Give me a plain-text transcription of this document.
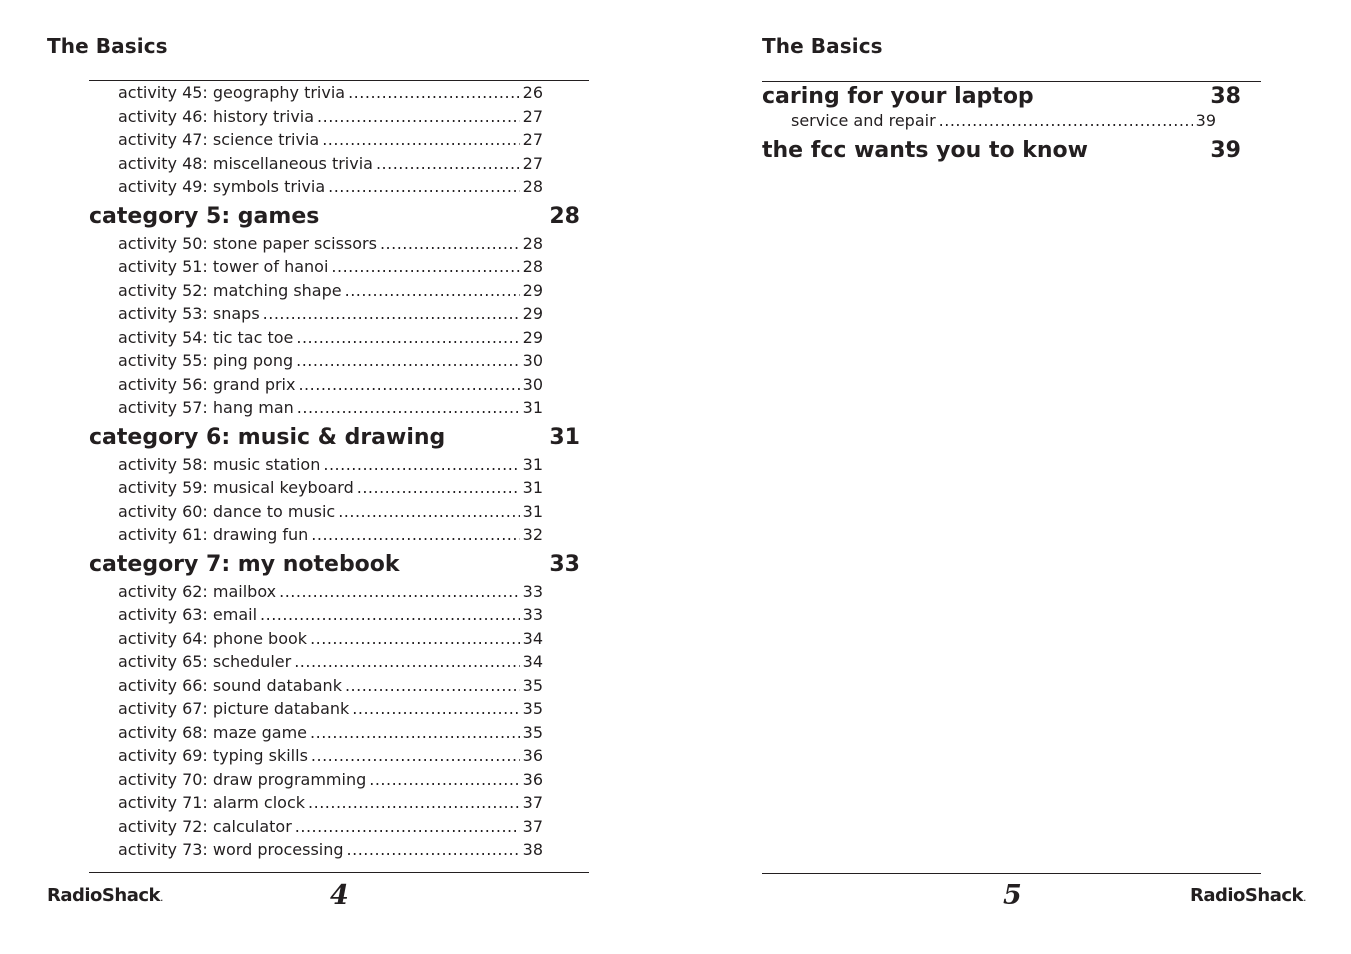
The Basics
activity 45: geography trivia .....	26
activity 46: history trivia .....	27
activity 47: science trivia .....	27
activity 48: miscellaneous trivia .....	27
activity 49: symbols trivia .....	28
category 5: games	28
activity 50: stone paper scissors .....	28
activity 51: tower of hanoi .....	28
activity 52: matching shape .....	29
activity 53: snaps .....	29
activity 54: tic tac toe .....	29
activity 55: ping pong .....	30
activity 56: grand prix .....	30
activity 57: hang man .....	31
category 6: music & drawing	31
activity 58: music station .....	31
activity 59: musical keyboard .....	31
activity 60: dance to music .....	31
activity 61: drawing fun .....	32
category 7: my notebook	33
activity 62: mailbox .....	33
activity 63: email .....	33
activity 64: phone book .....	34
activity 65: scheduler .....	34
activity 66: sound databank .....	35
activity 67: picture databank .....	35
activity 68: maze game .....	35
activity 69: typing skills .....	36
activity 70: draw programming .....	36
activity 71: alarm clock .....	37
activity 72: calculator .....	37
activity 73: word processing .....	38
RadioShack.	4
The Basics
caring for your laptop	38
service and repair .....	39
the fcc wants you to know	39
5	RadioShack.
